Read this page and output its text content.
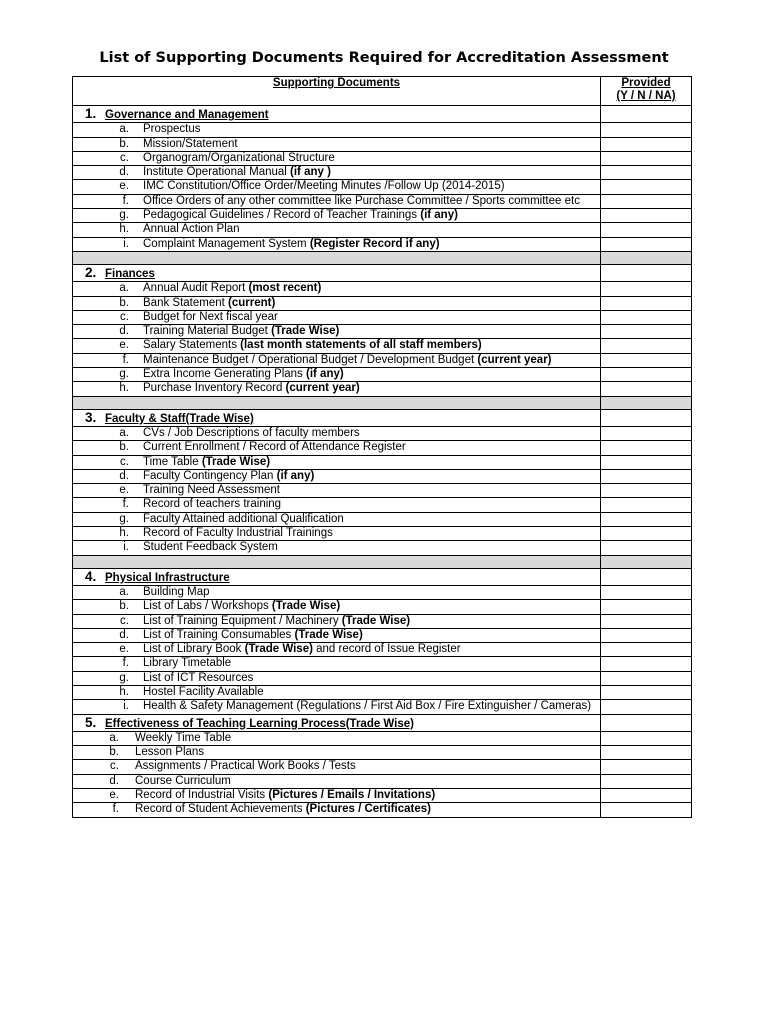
List of Supporting Documents Required for Accreditation Assessment
Supporting Documents	Provided
(Y / N / NA)

1. Governance and Management	

a. Prospectus	

b. Mission/Statement	

c. Organogram/Organizational Structure	

d. Institute Operational Manual (if any )	

e. IMC Constitution/Office Order/Meeting Minutes /Follow Up (2014-2015)	

f. Office Orders of any other committee like Purchase Committee / Sports committee etc	

g. Pedagogical Guidelines / Record of Teacher Trainings (if any)	

h. Annual Action Plan	

i. Complaint Management System (Register Record if any)	

2. Finances	

a. Annual Audit Report (most recent)	

b. Bank Statement (current)	

c. Budget for Next fiscal year	

d. Training Material Budget (Trade Wise)	

e. Salary Statements (last month statements of all staff members)	

f. Maintenance Budget / Operational Budget / Development Budget (current year)	

g. Extra Income Generating Plans (if any)	

h. Purchase Inventory Record (current year)	

3. Faculty & Staff(Trade Wise)	

a. CVs / Job Descriptions of faculty members	

b. Current Enrollment / Record of Attendance Register	

c. Time Table (Trade Wise)	

d. Faculty Contingency Plan (if any)	

e. Training Need Assessment	

f. Record of teachers training	

g. Faculty Attained additional Qualification	

h. Record of Faculty Industrial Trainings	

i. Student Feedback System	

4. Physical Infrastructure	

a. Building Map	

b. List of Labs / Workshops (Trade Wise)	

c. List of Training Equipment / Machinery (Trade Wise)	

d. List of Training Consumables (Trade Wise)	

e. List of Library Book (Trade Wise) and record of Issue Register	

f. Library Timetable	

g. List of ICT Resources	

h. Hostel Facility Available	

i. Health & Safety Management (Regulations / First Aid Box / Fire Extinguisher / Cameras)	

5. Effectiveness of Teaching Learning Process(Trade Wise)	

a. Weekly Time Table	

b. Lesson Plans	

c. Assignments / Practical Work Books / Tests	

d. Course Curriculum	

e. Record of Industrial Visits (Pictures / Emails / Invitations)	

f. Record of Student Achievements (Pictures / Certificates)	
